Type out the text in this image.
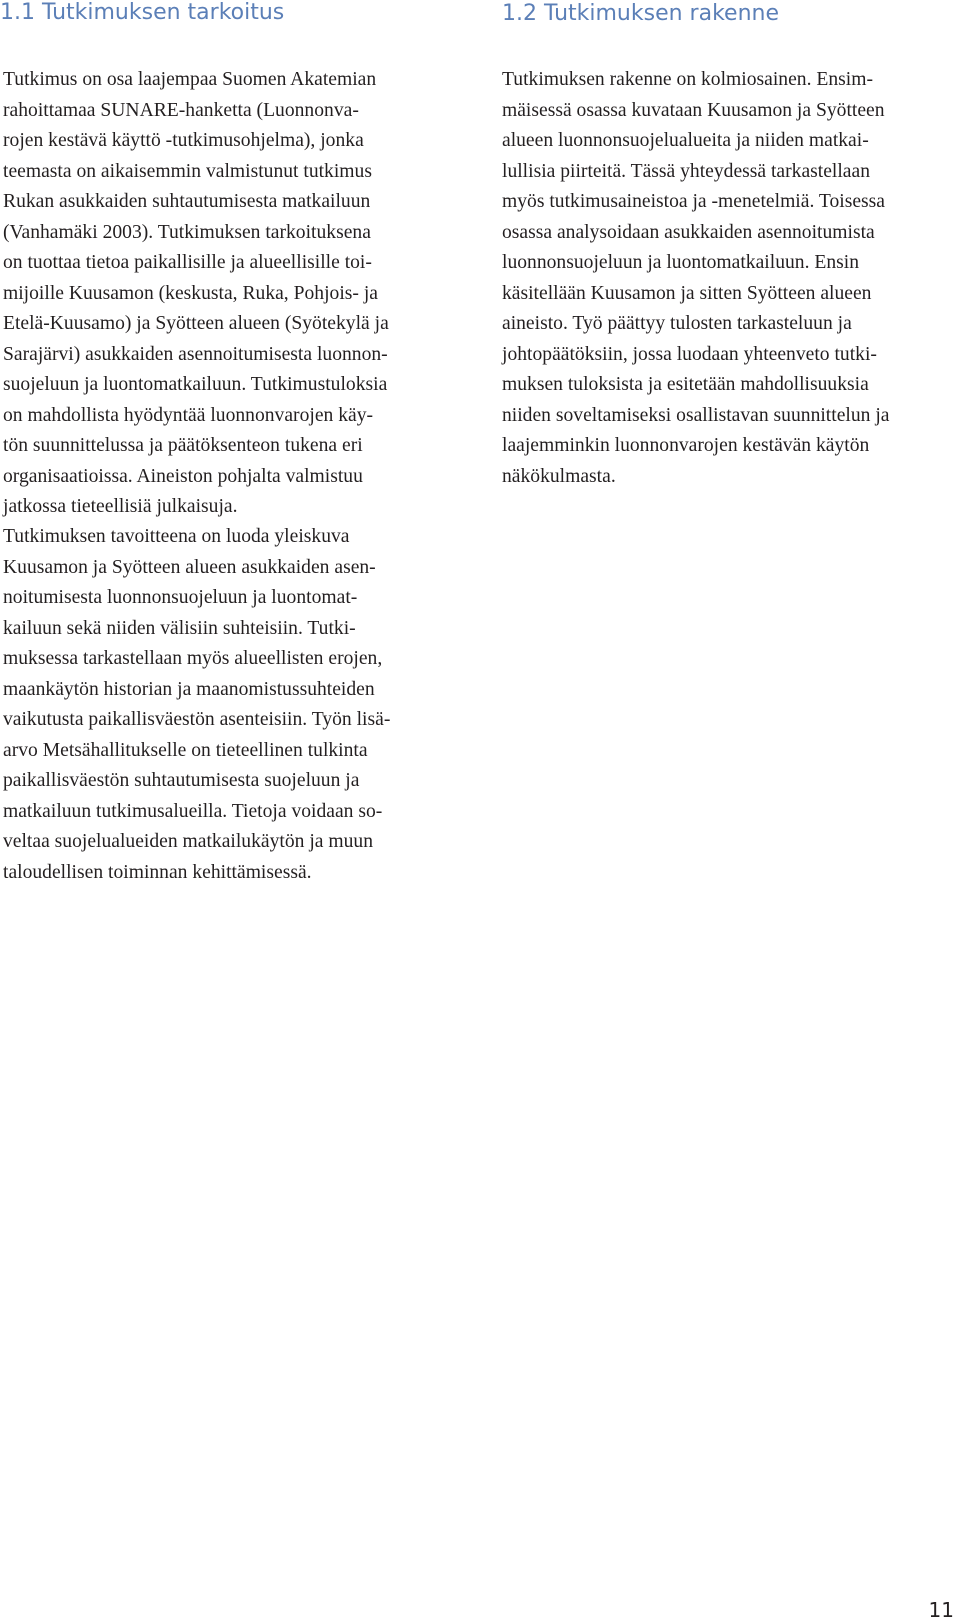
1.1 Tutkimuksen tarkoitus
Tutkimus on osa laajempaa Suomen Akatemian
rahoittamaa SUNARE-hanketta (Luonnonva-
rojen kestävä käyttö -tutkimusohjelma), jonka
teemasta on aikaisemmin valmistunut tutkimus
Rukan asukkaiden suhtautumisesta matkailuun
(Vanhamäki 2003). Tutkimuksen tarkoituksena
on tuottaa tietoa paikallisille ja alueellisille toi-
mijoille Kuusamon (keskusta, Ruka, Pohjois- ja
Etelä-Kuusamo) ja Syötteen alueen (Syötekylä ja
Sarajärvi) asukkaiden asennoitumisesta luonnon-
suojeluun ja luontomatkailuun. Tutkimustuloksia
on mahdollista hyödyntää luonnonvarojen käy-
tön suunnittelussa ja päätöksenteon tukena eri
organisaatioissa. Aineiston pohjalta valmistuu
jatkossa tieteellisiä julkaisuja.
Tutkimuksen tavoitteena on luoda yleiskuva
Kuusamon ja Syötteen alueen asukkaiden asen-
noitumisesta luonnonsuojeluun ja luontomat-
kailuun sekä niiden välisiin suhteisiin. Tutki-
muksessa tarkastellaan myös alueellisten erojen,
maankäytön historian ja maanomistussuhteiden
vaikutusta paikallisväestön asenteisiin. Työn lisä-
arvo Metsähallitukselle on tieteellinen tulkinta
paikallisväestön suhtautumisesta suojeluun ja
matkailuun tutkimusalueilla. Tietoja voidaan so-
veltaa suojelualueiden matkailukäytön ja muun
taloudellisen toiminnan kehittämisessä.
1.2 Tutkimuksen rakenne
Tutkimuksen rakenne on kolmiosainen. Ensim-
mäisessä osassa kuvataan Kuusamon ja Syötteen
alueen luonnonsuojelualueita ja niiden matkai-
lullisia piirteitä. Tässä yhteydessä tarkastellaan
myös tutkimusaineistoa ja -menetelmiä. Toisessa
osassa analysoidaan asukkaiden asennoitumista
luonnonsuojeluun ja luontomatkailuun. Ensin
käsitellään Kuusamon ja sitten Syötteen alueen
aineisto. Työ päättyy tulosten tarkasteluun ja
johtopäätöksiin, jossa luodaan yhteenveto tutki-
muksen tuloksista ja esitetään mahdollisuuksia
niiden soveltamiseksi osallistavan suunnittelun ja
laajemminkin luonnonvarojen kestävän käytön
näkökulmasta.
11
